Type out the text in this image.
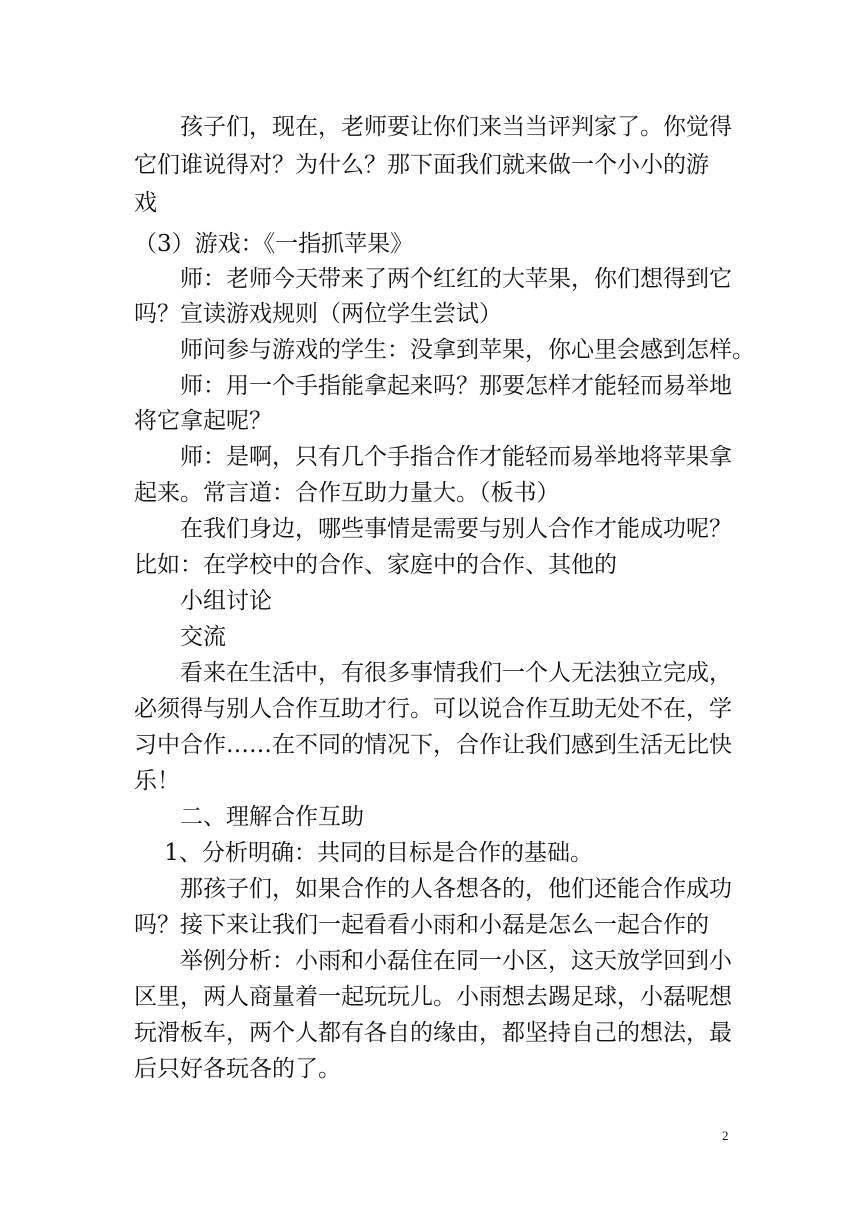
　　孩子们，现在，老师要让你们来当当评判家了。你觉得
它们谁说得对？为什么？那下面我们就来做一个小小的游
戏
（3）游戏：《一指抓苹果》
　　师：老师今天带来了两个红红的大苹果，你们想得到它
吗？宣读游戏规则（两位学生尝试）
　　师问参与游戏的学生：没拿到苹果，你心里会感到怎样。
　　师：用一个手指能拿起来吗？那要怎样才能轻而易举地
将它拿起呢？
　　师：是啊，只有几个手指合作才能轻而易举地将苹果拿
起来。常言道：合作互助力量大。（板书）
　　在我们身边，哪些事情是需要与别人合作才能成功呢？
比如：在学校中的合作、家庭中的合作、其他的
　　小组讨论
　　交流
　　看来在生活中，有很多事情我们一个人无法独立完成，
必须得与别人合作互助才行。可以说合作互助无处不在，学
习中合作……在不同的情况下，合作让我们感到生活无比快
乐！
　　二、理解合作互助
　 1、分析明确：共同的目标是合作的基础。
　　那孩子们，如果合作的人各想各的，他们还能合作成功
吗？接下来让我们一起看看小雨和小磊是怎么一起合作的
　　举例分析：小雨和小磊住在同一小区，这天放学回到小
区里，两人商量着一起玩玩儿。小雨想去踢足球，小磊呢想
玩滑板车，两个人都有各自的缘由，都坚持自己的想法，最
后只好各玩各的了。
2
